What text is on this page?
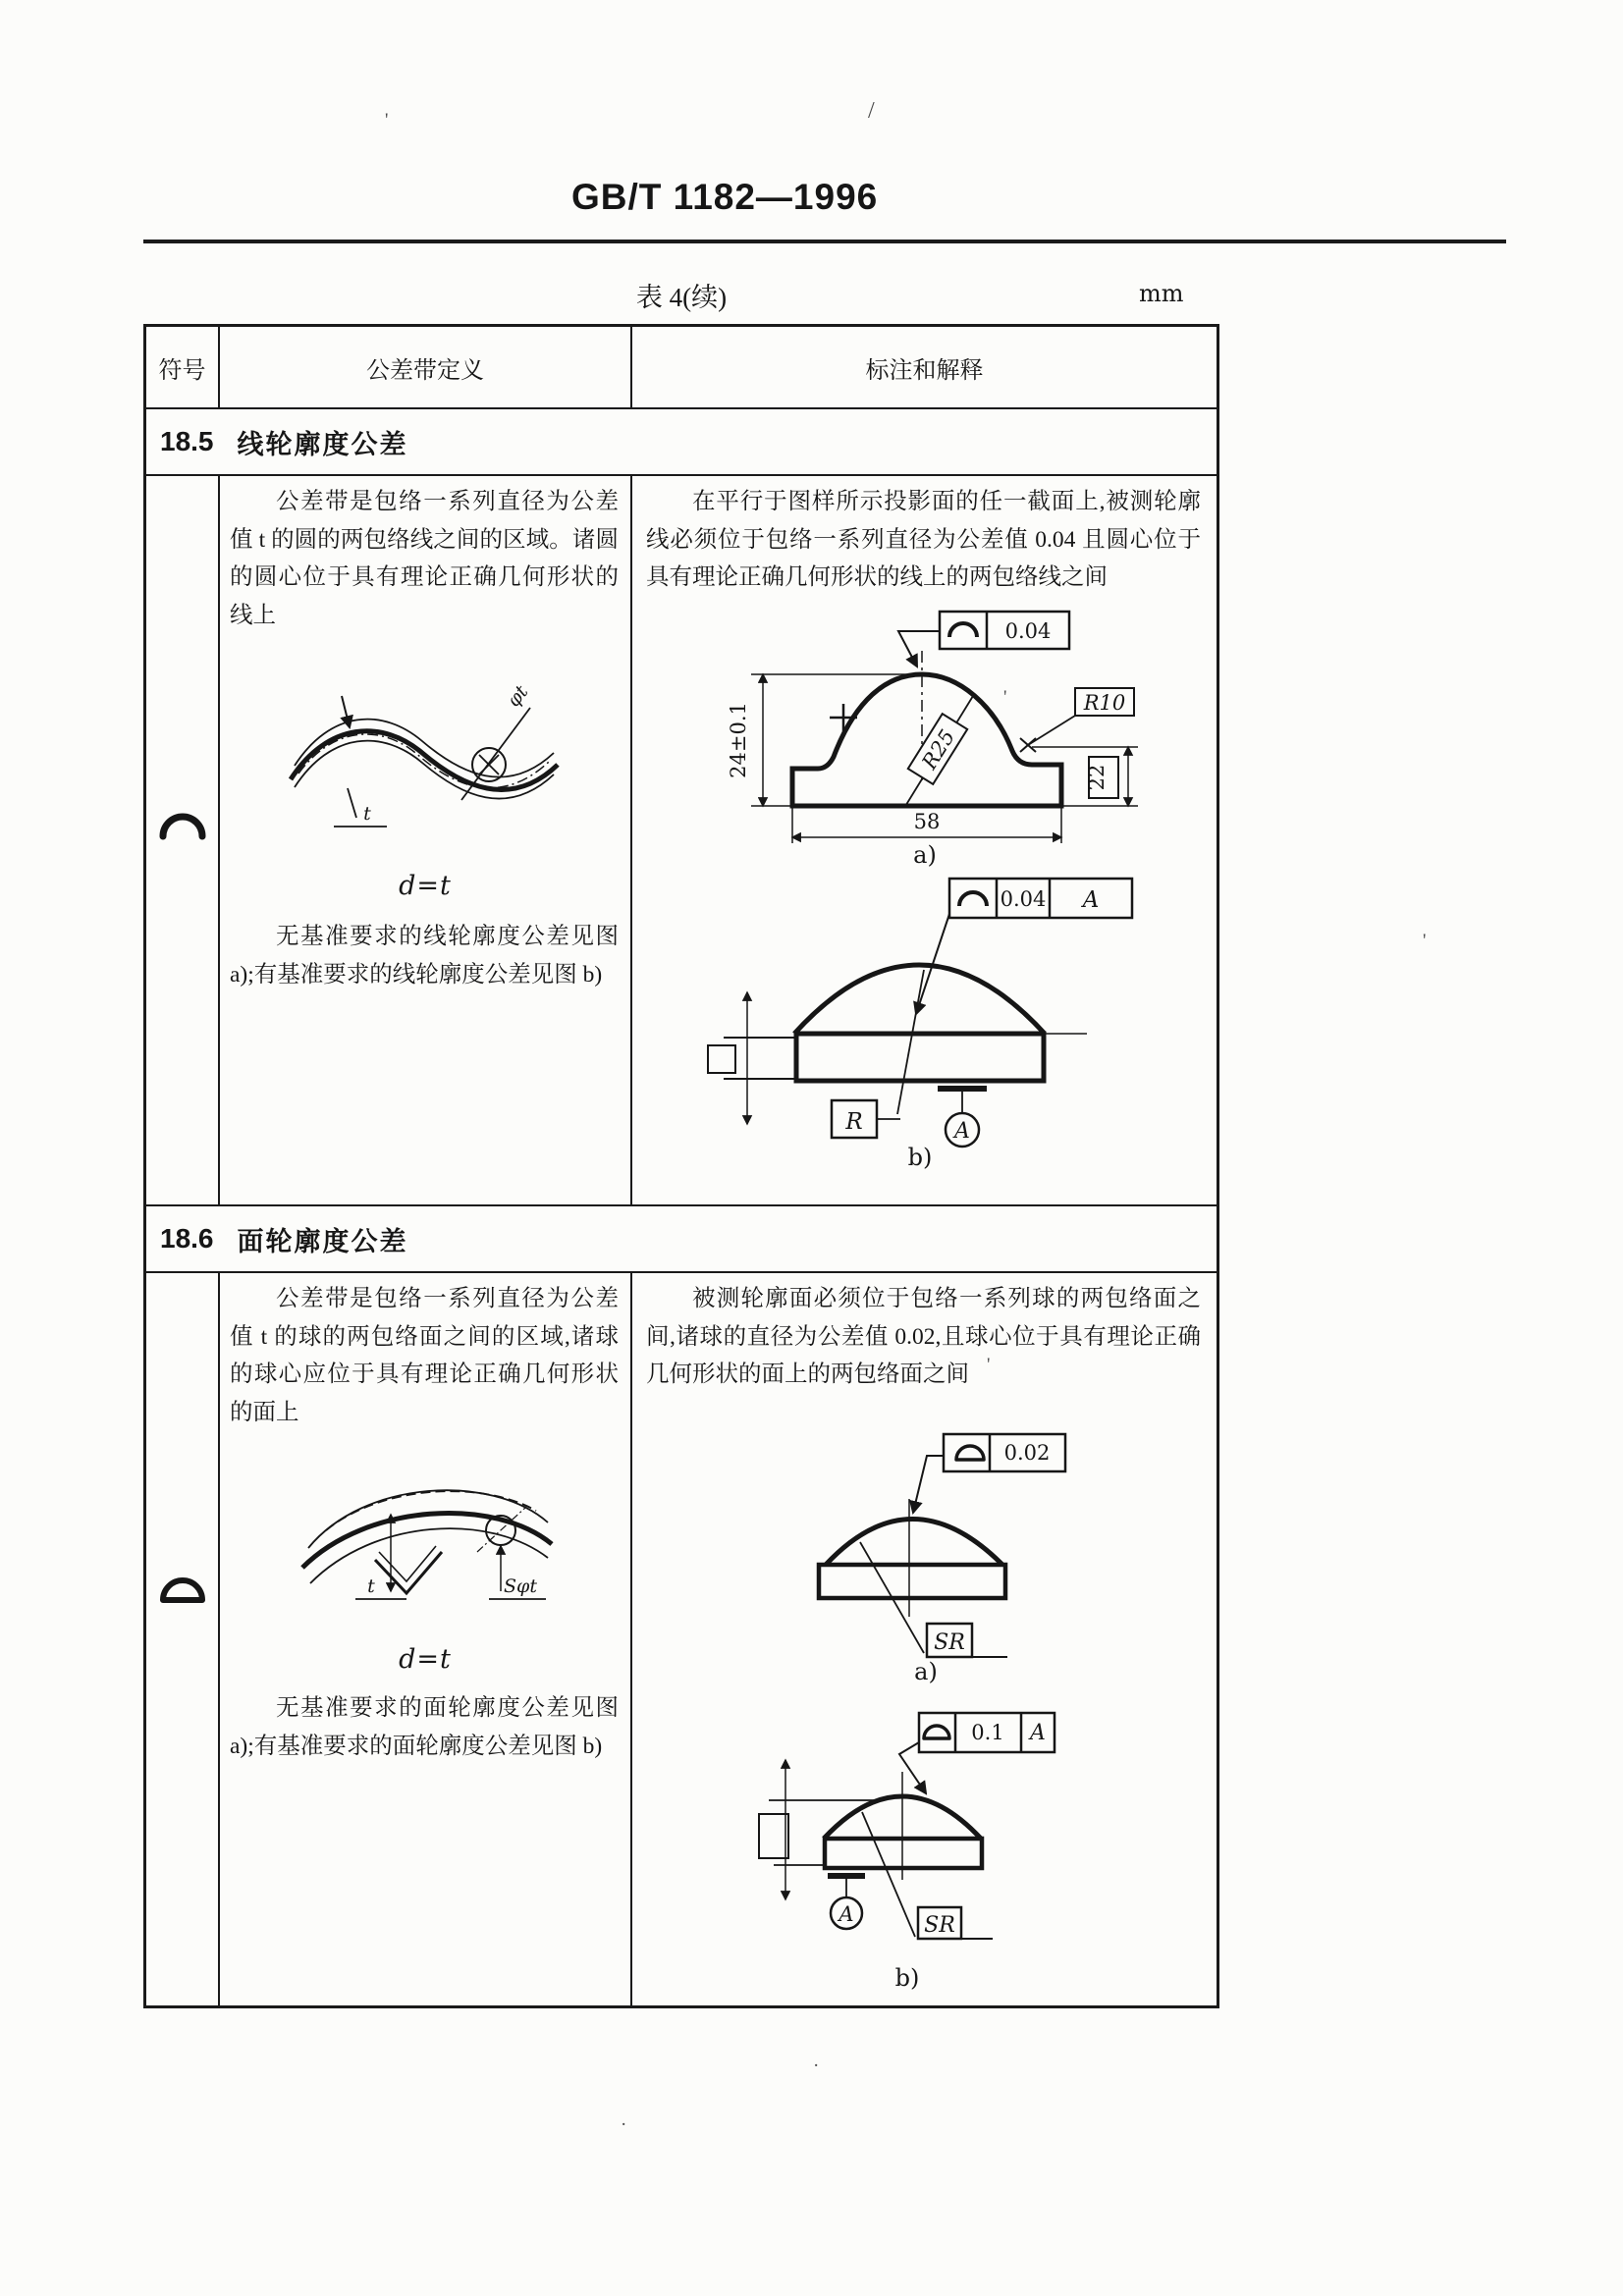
GB/T 1182—1996
表 4(续)	mm
'	/
'
'
'
·
·
符号	公差带定义	标注和解释
18.5 线轮廓度公差
公差带是包络一系列直径为公差值 t 的圆的两包络线之间的区域。诸圆的圆心位于具有理论正确几何形状的线上
t
φt
d=t
无基准要求的线轮廓度公差见图 a);有基准要求的线轮廓度公差见图 b)
在平行于图样所示投影面的任一截面上,被测轮廓线必须位于包络一系列直径为公差值 0.04 且圆心位于具有理论正确几何形状的线上的两包络线之间
0.04
R25
R10
24±0.1	22
58
a)
0.04 A
R	A
b)
18.6 面轮廓度公差
公差带是包络一系列直径为公差值 t 的球的两包络面之间的区域,诸球的球心应位于具有理论正确几何形状的面上
t	Sφt
d=t
无基准要求的面轮廓度公差见图 a);有基准要求的面轮廓度公差见图 b)
被测轮廓面必须位于包络一系列球的两包络面之间,诸球的直径为公差值 0.02,且球心位于具有理论正确几何形状的面上的两包络面之间
0.02
SR
a)
0.1 A
A	SR
b)
